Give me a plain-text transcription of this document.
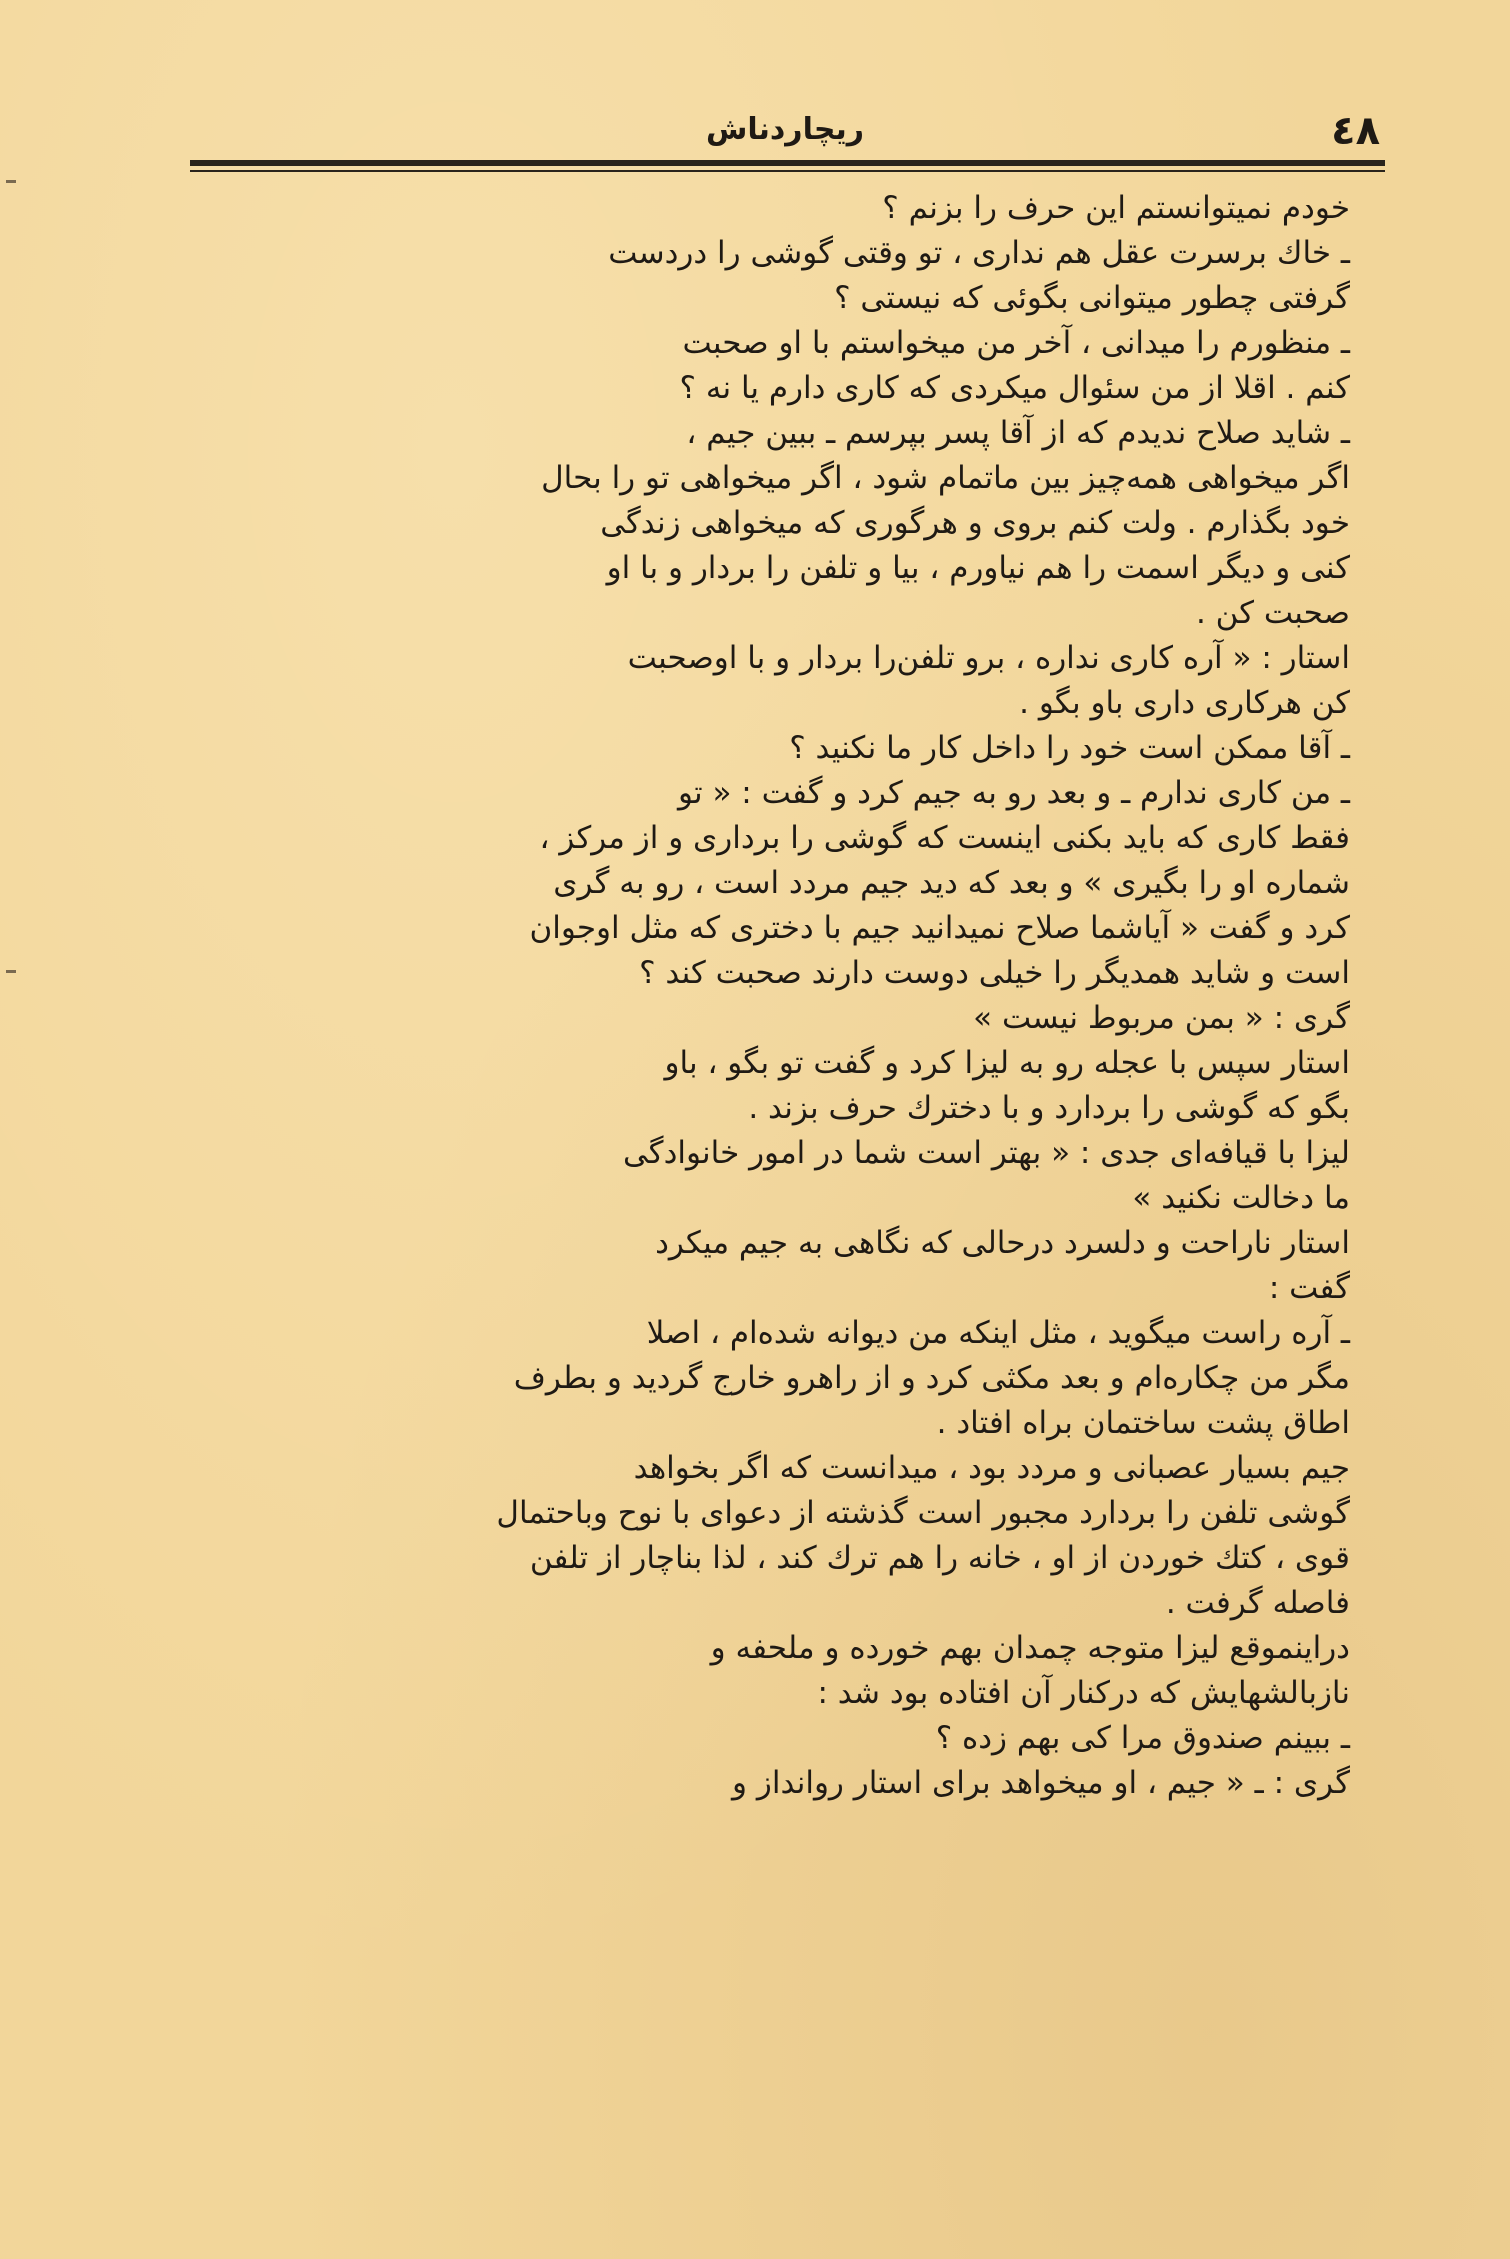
٤٨
ريچاردناش
خودم نميتوانستم اين حرف را بزنم ؟
ـ خاك برسرت عقل هم ندارى ، تو وقتى گوشى را دردست
گرفتى چطور ميتوانى بگوئى كه نيستى ؟
ـ منظورم را ميدانى ، آخر من ميخواستم با او صحبت
كنم . اقلا از من سئوال ميكردى كه كارى دارم يا نه ؟
ـ شايد صلاح نديدم كه از آقا پسر بپرسم ـ ببين جيم ،
اگر ميخواهى همه‌چيز بين ماتمام شود ، اگر ميخواهى تو را بحال
خود بگذارم . ولت كنم بروى و هرگورى كه ميخواهى زندگى
كنى و ديگر اسمت را هم نياورم ، بيا و تلفن را بردار و با او
صحبت كن .
استار : « آره كارى نداره ، برو تلفن‌را بردار و با اوصحبت
كن هركارى دارى باو بگو .
ـ آقا ممكن است خود را داخل كار ما نكنيد ؟
ـ من كارى ندارم ـ و بعد رو به جيم كرد و گفت : « تو
فقط كارى كه بايد بكنى اينست كه گوشى را بردارى و از مركز ،
شماره او را بگيرى » و بعد كه ديد جيم مردد است ، رو به گرى
كرد و گفت « آياشما صلاح نميدانيد جيم با دخترى كه مثل اوجوان
است و شايد همديگر را خيلى دوست دارند صحبت كند ؟
گرى : « بمن مربوط نيست »
استار سپس با عجله رو به ليزا كرد و گفت تو بگو ، باو
بگو كه گوشى را بردارد و با دخترك حرف بزند .
ليزا با قيافه‌اى جدى : « بهتر است شما در امور خانوادگى
ما دخالت نكنيد »
استار ناراحت و دلسرد درحالى كه نگاهى به جيم ميكرد
گفت :
ـ آره راست ميگويد ، مثل اينكه من ديوانه شده‌ام ، اصلا
مگر من چكاره‌ام و بعد مكثى كرد و از راهرو خارج گرديد و بطرف
اطاق پشت ساختمان براه افتاد .
جيم بسيار عصبانى و مردد بود ، ميدانست كه اگر بخواهد
گوشى تلفن را بردارد مجبور است گذشته از دعواى با نوح وباحتمال
قوى ، كتك خوردن از او ، خانه را هم ترك كند ، لذا بناچار از تلفن
فاصله گرفت .
درا‌ينموقع ليزا متوجه چمدان بهم خورده و ملحفه و
نازبالشهايش كه دركنار آن افتاده بود شد :
ـ ببينم صندوق مرا كى بهم زده ؟
گرى : ـ « جيم ، او ميخواهد براى استار رو‌انداز و
